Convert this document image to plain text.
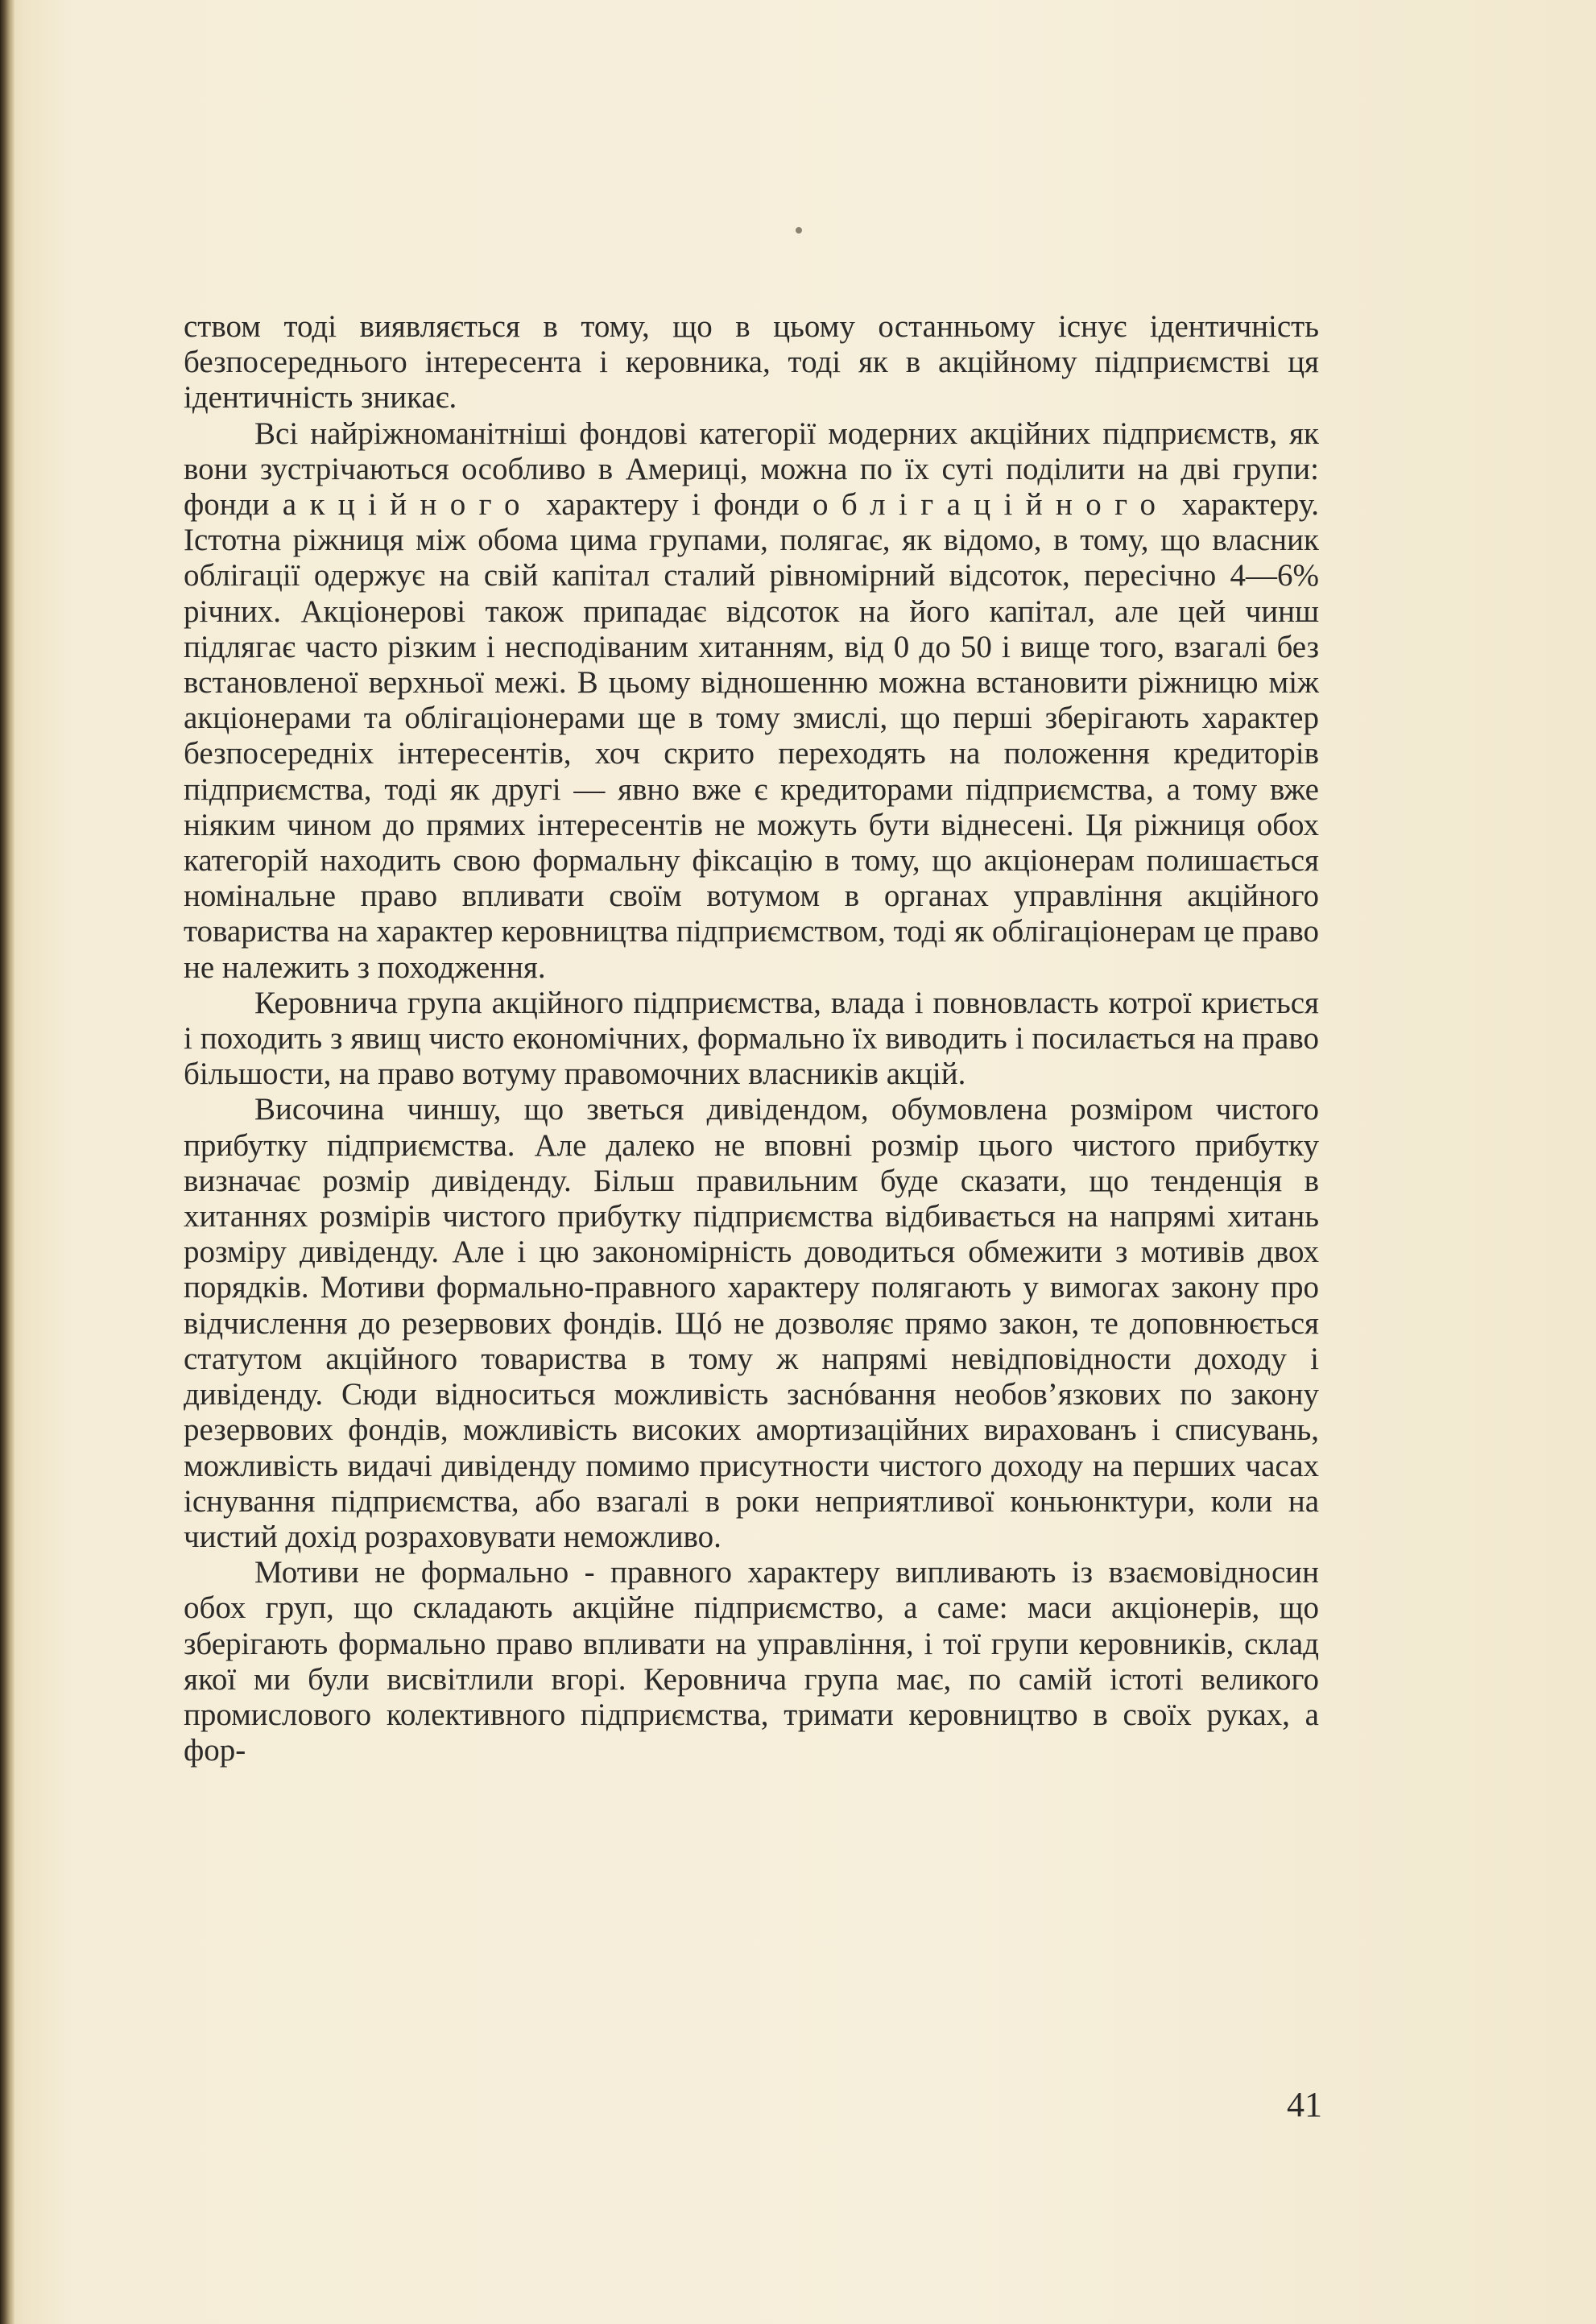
ством тоді виявляється в тому, що в цьому останньому існує ідентичність безпосереднього інтересента і керовника, тоді як в акційному підприємстві ця ідентичність зникає.

Всі найріжноманітніші фондові категорії модерних акційних підприємств, як вони зустрічаються особливо в Америці, можна по їх суті поділити на дві групи: фонди акційного характеру і фонди облігаційного характеру. Істотна ріжниця між обома цима групами, полягає, як відомо, в тому, що власник облігації одержує на свій капітал сталий рівномірний відсоток, пересічно 4—6% річних. Акціонерові також припадає відсоток на його капітал, але цей чинш підлягає часто різким і несподіваним хитанням, від 0 до 50 і вище того, взагалі без встановленої верхньої межі. В цьому відношенню можна встановити ріжницю між акціонерами та облігаціонерами ще в тому змислі, що перші зберігають характер безпосередніх інтересентів, хоч скрито переходять на положення кредиторів підприємства, тоді як другі — явно вже є кредиторами підприємства, а тому вже ніяким чином до прямих інтересентів не можуть бути віднесені. Ця ріжниця обох категорій находить свою формальну фіксацію в тому, що акціонерам полишається номінальне право впливати своїм вотумом в органах управління акційного товариства на характер керовництва підприємством, тоді як облігаціонерам це право не належить з походження.

Керовнича група акційного підприємства, влада і повновласть котрої криється і походить з явищ чисто економічних, формально їх виводить і посилається на право більшости, на право вотуму правомочних власників акцій.

Височина чиншу, що зветься дивідендом, обумовлена розміром чистого прибутку підприємства. Але далеко не вповні розмір цього чистого прибутку визначає розмір дивіденду. Більш правильним буде сказати, що тенденція в хитаннях розмірів чистого прибутку підприємства відбивається на напрямі хитань розміру дивіденду. Але і цю закономірність доводиться обмежити з мотивів двох порядків. Мотиви формально-правного характеру полягають у вимогах закону про відчислення до резервових фондів. Щó не дозволяє прямо закон, те доповнюється статутом акційного товариства в тому ж напрямі невідповідности доходу і дивіденду. Сюди відноситься можливість заснóвання необов’язкових по закону резервових фондів, можливість високих амортизаційних вирахованъ і списувань, можливість видачі дивіденду помимо присутности чистого доходу на перших часах існування підприємства, або взагалі в роки неприятливої коньюнктури, коли на чистий дохід розраховувати неможливо.

Мотиви не формально - правного характеру випливають із взаємовідносин обох груп, що складають акційне підприємство, а саме: маси акціонерів, що зберігають формально право впливати на управління, і тої групи керовників, склад якої ми були висвітлили вгорі. Керовнича група має, по самій істоті великого промислового колективного підприємства, тримати керовництво в своїх руках, а фор-

41
